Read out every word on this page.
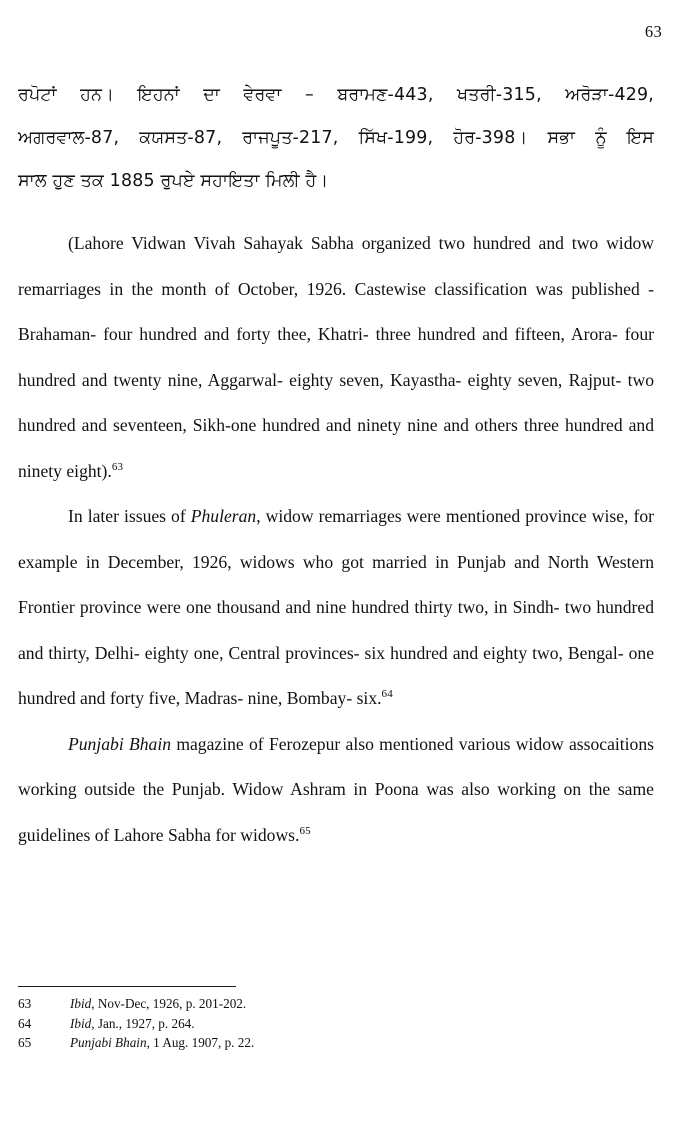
63
ਰਪੋਟਾਂ ਹਨ। ਇਹਨਾਂ ਦਾ ਵੇਰਵਾ – ਬਰਾਮਣ-443, ਖਤਰੀ-315, ਅਰੋੜਾ-429,
ਅਗਰਵਾਲ-87, ਕਯਸਤ-87, ਰਾਜਪੂਤ-217, ਸਿੱਖ-199, ਹੋਰ-398। ਸਭਾ ਨੂੰ ਇਸ
ਸਾਲ ਹੁਣ ਤਕ 1885 ਰੁਪਏ ਸਹਾਇਤਾ ਮਿਲੀ ਹੈ।

(Lahore Vidwan Vivah Sahayak Sabha organized two hundred and two widow remarriages in the month of October, 1926. Castewise classification was published - Brahaman- four hundred and forty thee, Khatri- three hundred and fifteen, Arora- four hundred and twenty nine, Aggarwal- eighty seven, Kayastha- eighty seven, Rajput- two hundred and seventeen, Sikh-one hundred and ninety nine and others three hundred and ninety eight).$^{63}$

In later issues of Phuleran, widow remarriages were mentioned province wise, for example in December, 1926, widows who got married in Punjab and North Western Frontier province were one thousand and nine hundred thirty two, in Sindh- two hundred and thirty, Delhi- eighty one, Central provinces- six hundred and eighty two, Bengal- one hundred and forty five, Madras- nine, Bombay- six.$^{64}$

Punjabi Bhain magazine of Ferozepur also mentioned various widow assocaitions working outside the Punjab. Widow Ashram in Poona was also working on the same guidelines of Lahore Sabha for widows.$^{65}$

63	Ibid, Nov-Dec, 1926, p. 201-202.
64	Ibid, Jan., 1927, p. 264.
65	Punjabi Bhain, 1 Aug. 1907, p. 22.
